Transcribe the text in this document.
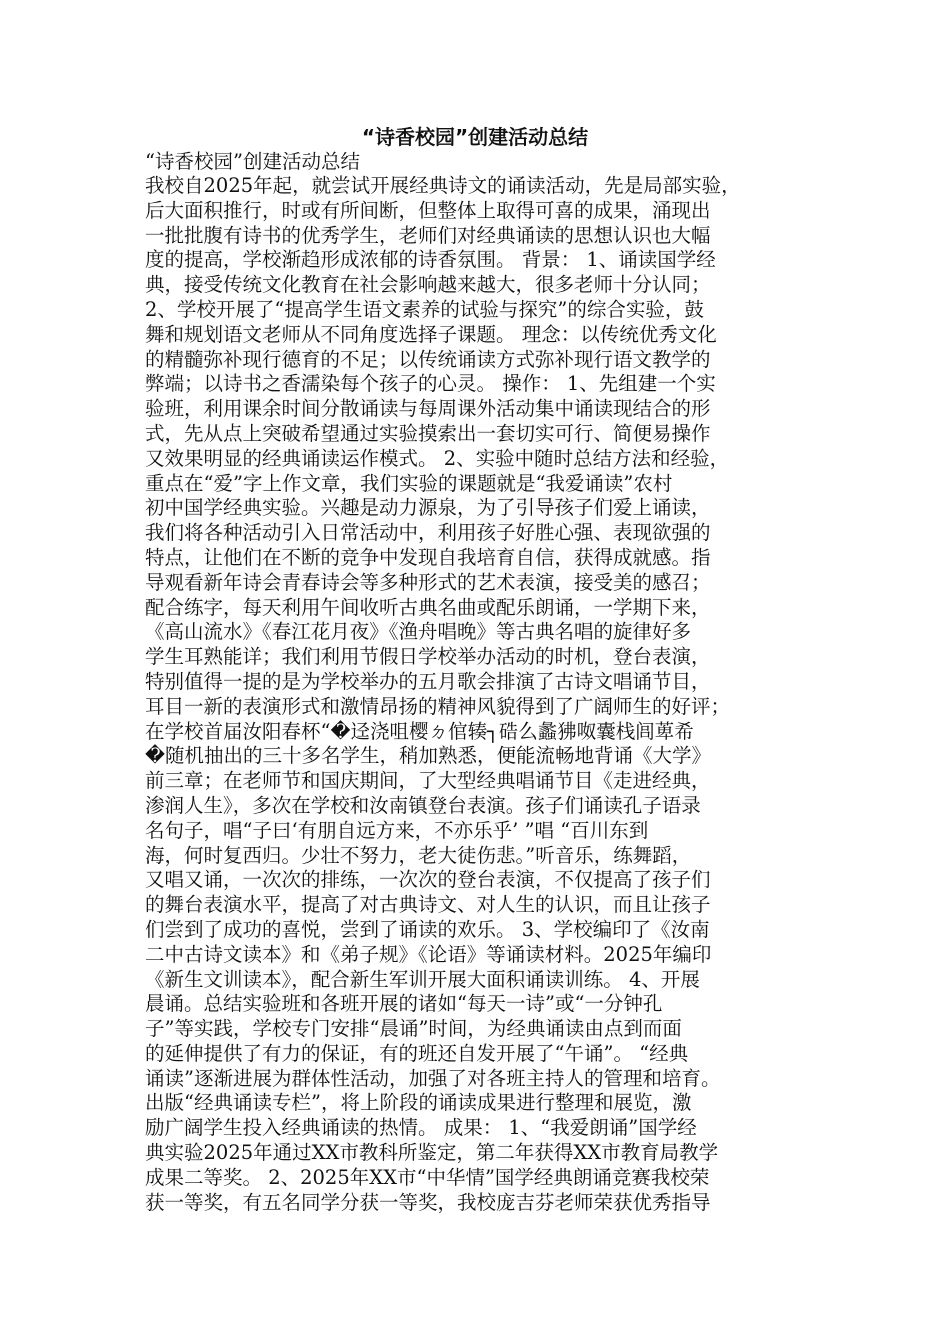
“诗香校园”创建活动总结

“诗香校园”创建活动总结

我校自2025年起，就尝试开展经典诗文的诵读活动，先是局部实验，
后大面积推行，时或有所间断，但整体上取得可喜的成果，涌现出
一批批腹有诗书的优秀学生，老师们对经典诵读的思想认识也大幅
度的提高，学校渐趋形成浓郁的诗香氛围。 背景： 1、诵读国学经
典，接受传统文化教育在社会影响越来越大，很多老师十分认同；
2、学校开展了“提高学生语文素养的试验与探究”的综合实验，鼓
舞和规划语文老师从不同角度选择子课题。 理念：以传统优秀文化
的精髓弥补现行德育的不足；以传统诵读方式弥补现行语文教学的
弊端；以诗书之香濡染每个孩子的心灵。 操作： 1、先组建一个实
验班，利用课余时间分散诵读与每周课外活动集中诵读现结合的形
式，先从点上突破希望通过实验摸索出一套切实可行、简便易操作
又效果明显的经典诵读运作模式。 2、实验中随时总结方法和经验，
重点在“爱”字上作文章，我们实验的课题就是“我爱诵读”农村
初中国学经典实验。兴趣是动力源泉，为了引导孩子们爱上诵读，
我们将各种活动引入日常活动中，利用孩子好胜心强、表现欲强的
特点，让他们在不断的竞争中发现自我培育自信，获得成就感。指
导观看新年诗会青春诗会等多种形式的艺术表演，接受美的感召；
配合练字，每天利用午间收听古典名曲或配乐朗诵，一学期下来，
《高山流水》《春江花月夜》《渔舟唱晚》等古典名唱的旋律好多
学生耳熟能详；我们利用节假日学校举办活动的时机，登台表演，
特别值得一提的是为学校举办的五月歌会排演了古诗文唱诵节目，
耳目一新的表演形式和激情昂扬的精神风貌得到了广阔师生的好评；
在学校首届汝阳春杯“�迳浇咀樱ㄉ倌辏┐硞么蠡狒呶囊栈闾萆希
�随机抽出的三十多名学生，稍加熟悉，便能流畅地背诵《大学》
前三章；在老师节和国庆期间，了大型经典唱诵节目《走进经典，
渗润人生》，多次在学校和汝南镇登台表演。孩子们诵读孔子语录
名句子，唱“子曰‘有朋自远方来，不亦乐乎’ ”唱 “百川东到
海，何时复西归。少壮不努力，老大徒伤悲。”听音乐，练舞蹈，
又唱又诵，一次次的排练，一次次的登台表演，不仅提高了孩子们
的舞台表演水平，提高了对古典诗文、对人生的认识，而且让孩子
们尝到了成功的喜悦，尝到了诵读的欢乐。 3、学校编印了《汝南
二中古诗文读本》和《弟子规》《论语》等诵读材料。2025年编印
《新生文训读本》，配合新生军训开展大面积诵读训练。 4、开展
晨诵。总结实验班和各班开展的诸如“每天一诗”或“一分钟孔
子”等实践，学校专门安排“晨诵”时间，为经典诵读由点到而面
的延伸提供了有力的保证，有的班还自发开展了“午诵”。 “经典
诵读”逐渐进展为群体性活动，加强了对各班主持人的管理和培育。
出版“经典诵读专栏”，将上阶段的诵读成果进行整理和展览，激
励广阔学生投入经典诵读的热情。 成果： 1、“我爱朗诵”国学经
典实验2025年通过XX市教科所鉴定，第二年获得XX市教育局教学
成果二等奖。 2、2025年XX市“中华情”国学经典朗诵竞赛我校荣
获一等奖，有五名同学分获一等奖，我校庞吉芬老师荣获优秀指导
